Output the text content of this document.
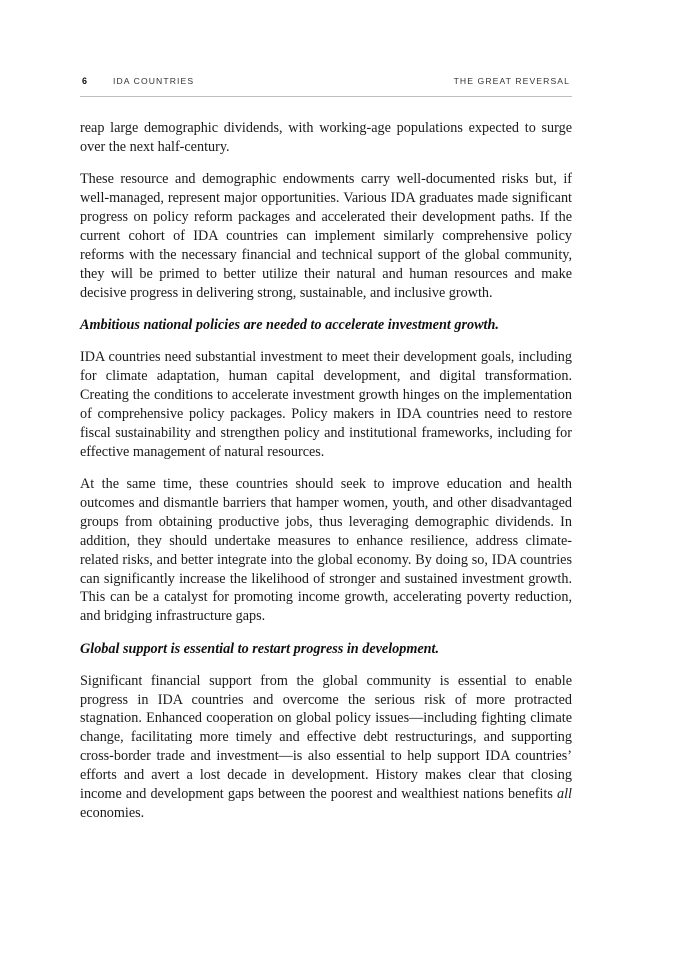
6	IDA COUNTRIES	THE GREAT REVERSAL

reap large demographic dividends, with working-age populations expected to surge over the next half-century.

These resource and demographic endowments carry well-documented risks but, if well-managed, represent major opportunities. Various IDA graduates made significant progress on policy reform packages and accelerated their development paths. If the current cohort of IDA countries can implement similarly comprehensive policy reforms with the necessary financial and technical support of the global community, they will be primed to better utilize their natural and human resources and make decisive progress in delivering strong, sustainable, and inclusive growth.

Ambitious national policies are needed to accelerate investment growth.

IDA countries need substantial investment to meet their development goals, including for climate adaptation, human capital development, and digital transformation. Creating the conditions to accelerate investment growth hinges on the implementation of comprehensive policy packages. Policy makers in IDA countries need to restore fiscal sustainability and strengthen policy and institutional frameworks, including for effective management of natural resources.

At the same time, these countries should seek to improve education and health outcomes and dismantle barriers that hamper women, youth, and other disadvantaged groups from obtaining productive jobs, thus leveraging demographic dividends. In addition, they should undertake measures to enhance resilience, address climate-related risks, and better integrate into the global economy. By doing so, IDA countries can significantly increase the likelihood of stronger and sustained investment growth. This can be a catalyst for promoting income growth, accelerating poverty reduction, and bridging infrastructure gaps.

Global support is essential to restart progress in development.

Significant financial support from the global community is essential to enable progress in IDA countries and overcome the serious risk of more protracted stagnation. Enhanced cooperation on global policy issues—including fighting climate change, facilitating more timely and effective debt restructurings, and supporting cross-border trade and investment—is also essential to help support IDA countries’ efforts and avert a lost decade in development. History makes clear that closing income and development gaps between the poorest and wealthiest nations benefits all economies.
